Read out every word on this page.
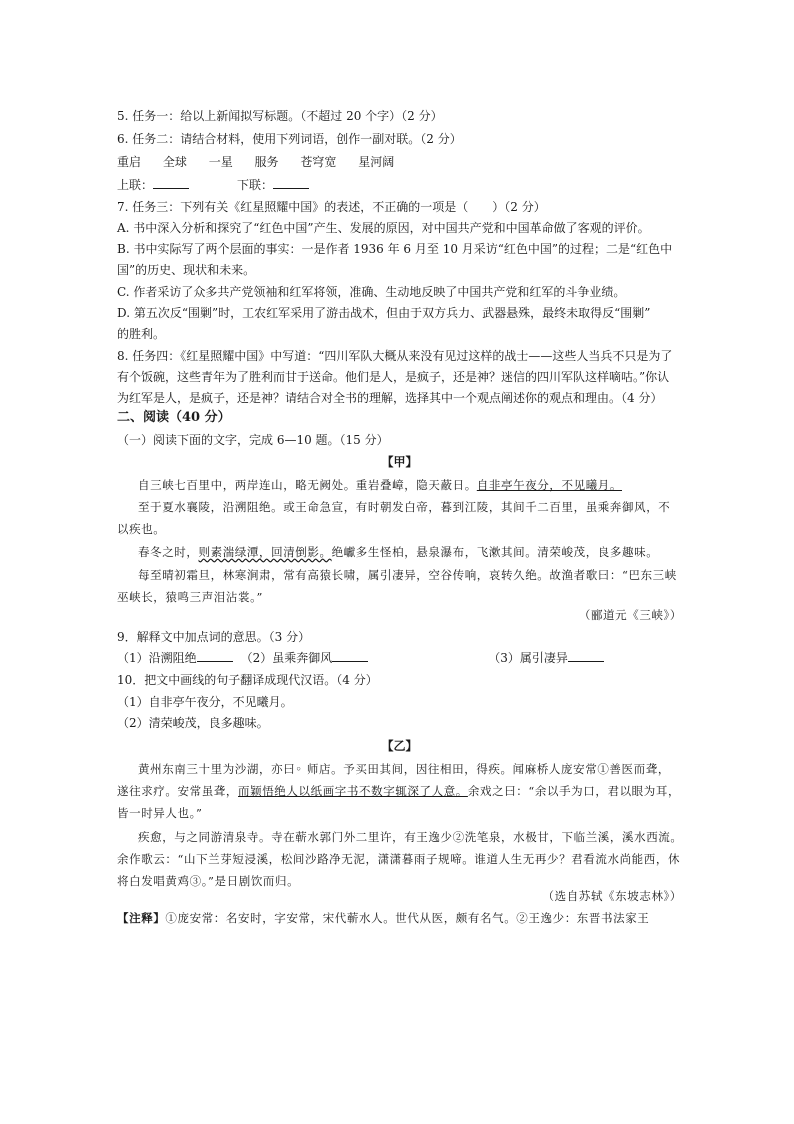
5. 任务一：给以上新闻拟写标题。（不超过 20 个字）（2 分）
6. 任务二：请结合材料，使用下列词语，创作一副对联。（2 分）
重启 全球 一星 服务 苍穹宽 星河阔
上联：	下联：
7. 任务三：下列有关《红星照耀中国》的表述，不正确的一项是（　　）（2 分）
A. 书中深入分析和探究了“红色中国”产生、发展的原因，对中国共产党和中国革命做了客观的评价。
B. 书中实际写了两个层面的事实：一是作者 1936 年 6 月至 10 月采访“红色中国”的过程；二是“红色中
国”的历史、现状和未来。
C. 作者采访了众多共产党领袖和红军将领，准确、生动地反映了中国共产党和红军的斗争业绩。
D. 第五次反“围剿”时，工农红军采用了游击战术，但由于双方兵力、武器悬殊，最终未取得反“围剿”
的胜利。
8. 任务四：《红星照耀中国》中写道：“四川军队大概从来没有见过这样的战士——这些人当兵不只是为了
有个饭碗，这些青年为了胜利而甘于送命。他们是人，是疯子，还是神？迷信的四川军队这样嘀咕。”你认
为红军是人，是疯子，还是神？请结合对全书的理解，选择其中一个观点阐述你的观点和理由。（4 分）
二、阅读（40 分）
（一）阅读下面的文字，完成 6—10 题。（15 分）
【甲】
自三峡七百里中，两岸连山，略无阙处。重岩叠嶂，隐天蔽日。自非亭午夜分，不见曦月。
至于夏水襄陵，沿溯阻绝。或王命急宣，有时朝发白帝，暮到江陵，其间千二百里，虽乘奔御风，不
以疾也。
春冬之时，则素湍绿潭，回清倒影。绝巘多生怪柏，悬泉瀑布，飞漱其间。清荣峻茂，良多趣味。
每至晴初霜旦，林寒涧肃，常有高猿长啸，属引凄异，空谷传响，哀转久绝。故渔者歌曰：“巴东三峡
巫峡长，猿鸣三声泪沾裳。”
（郦道元《三峡》）
9．解释文中加点词的意思。（3 分）
（1）沿溯阻绝	（2）虽乘奔御风	（3）属引凄异
10．把文中画线的句子翻译成现代汉语。（4 分）
（1）自非亭午夜分，不见曦月。
（2）清荣峻茂，良多趣味。
【乙】
黄州东南三十里为沙湖，亦曰◦ 师店。予买田其间，因往相田，得疾。闻麻桥人庞安常①善医而聋，
遂往求疗。安常虽聋，而颖悟绝人以纸画字书不数字辄深了人意。余戏之曰：“余以手为口，君以眼为耳，
皆一时异人也。”
疾愈，与之同游清泉寺。寺在蕲水郭门外二里许，有王逸少②洗笔泉，水极甘，下临兰溪，溪水西流。
余作歌云：“山下兰芽短浸溪，松间沙路净无泥，潇潇暮雨子规啼。谁道人生无再少？君看流水尚能西，休
将白发唱黄鸡③。”是日剧饮而归。
（选自苏轼《东坡志林》）
【注释】①庞安常：名安时，字安常，宋代蕲水人。世代从医，颇有名气。②王逸少：东晋书法家王
